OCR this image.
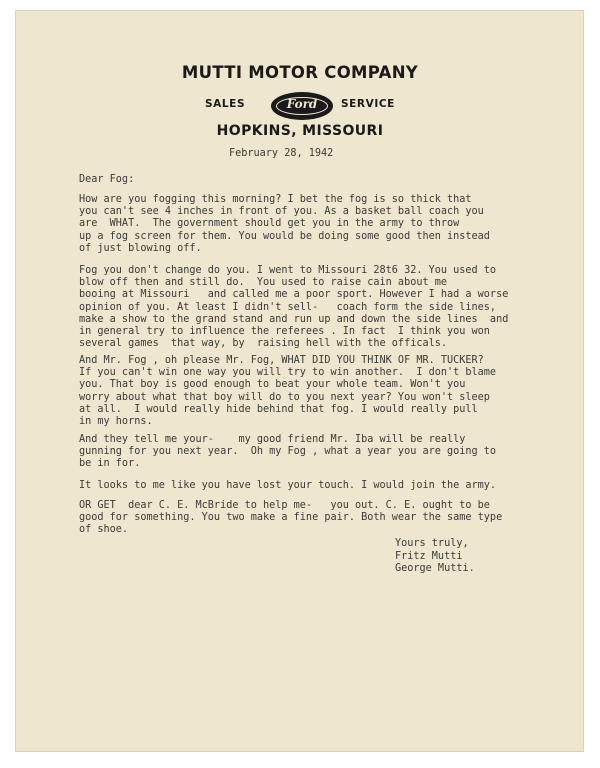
MUTTI MOTOR COMPANY
SALES	Ford	SERVICE
HOPKINS, MISSOURI

February 28, 1942

Dear Fog:

How are you fogging this morning? I bet the fog is so thick that
you can't see 4 inches in front of you. As a basket ball coach you
are  WHAT.  The government should get you in the army to throw
up a fog screen for them. You would be doing some good then instead
of just blowing off.
Fog you don't change do you. I went to Missouri 28t6 32. You used to
blow off then and still do.  You used to raise cain about me
booing at Missouri   and called me a poor sport. However I had a worse
opinion of you. At least I didn't sell-   coach form the side lines,
make a show to the grand stand and run up and down the side lines  and
in general try to influence the referees . In fact  I think you won
several games  that way, by  raising hell with the officals.
And Mr. Fog , oh please Mr. Fog, WHAT DID YOU THINK OF MR. TUCKER?
If you can't win one way you will try to win another.  I don't blame
you. That boy is good enough to beat your whole team. Won't you
worry about what that boy will do to you next year? You won't sleep
at all.  I would really hide behind that fog. I would really pull
in my horns.
And they tell me your-    my good friend Mr. Iba will be really
gunning for you next year.  Oh my Fog , what a year you are going to
be in for.
It looks to me like you have lost your touch. I would join the army.
OR GET  dear C. E. McBride to help me-   you out. C. E. ought to be
good for something. You two make a fine pair. Both wear the same type
of shoe.
Yours truly,
Fritz Mutti
George Mutti.
